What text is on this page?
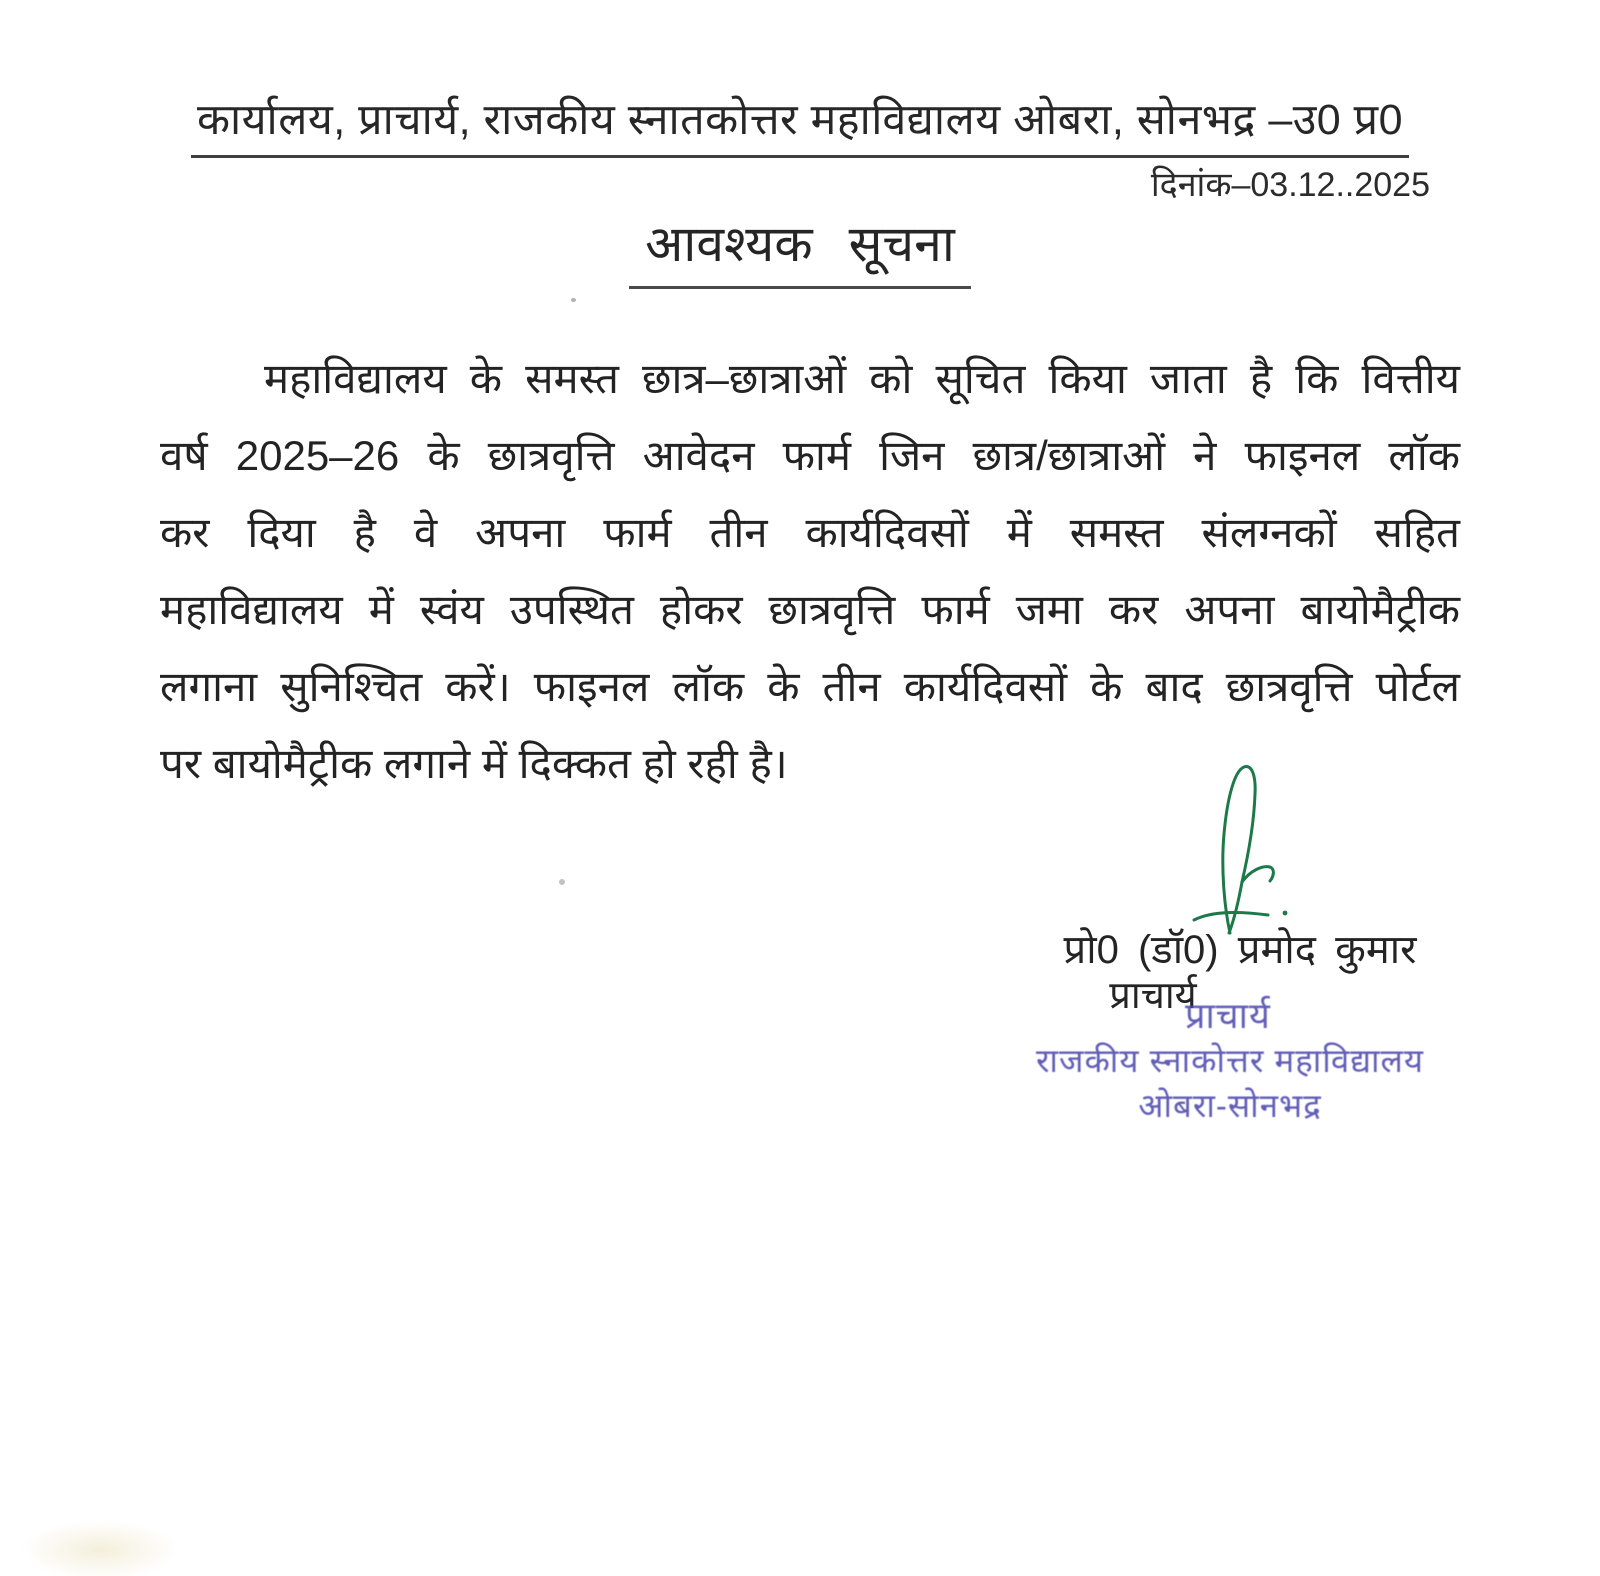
कार्यालय, प्राचार्य, राजकीय स्नातकोत्तर महाविद्यालय ओबरा, सोनभद्र –उ0 प्र0
दिनांक–03.12..2025
आवश्यक सूचना
महाविद्यालय के समस्त छात्र–छात्राओं को सूचित किया जाता है कि वित्तीय
वर्ष 2025–26 के छात्रवृत्ति आवेदन फार्म जिन छात्र/छात्राओं ने फाइनल लॉक
कर दिया है वे अपना फार्म तीन कार्यदिवसों में समस्त संलग्नकों सहित
महाविद्यालय में स्वंय उपस्थित होकर छात्रवृत्ति फार्म जमा कर अपना बायोमैट्रीक
लगाना सुनिश्चित करें। फाइनल लॉक के तीन कार्यदिवसों के बाद छात्रवृत्ति पोर्टल
पर बायोमैट्रीक लगाने में दिक्कत हो रही है।
प्रो0 (डॉ0) प्रमोद कुमार
प्राचार्य
प्राचार्य
राजकीय स्नाकोत्तर महाविद्यालय
ओबरा-सोनभद्र
